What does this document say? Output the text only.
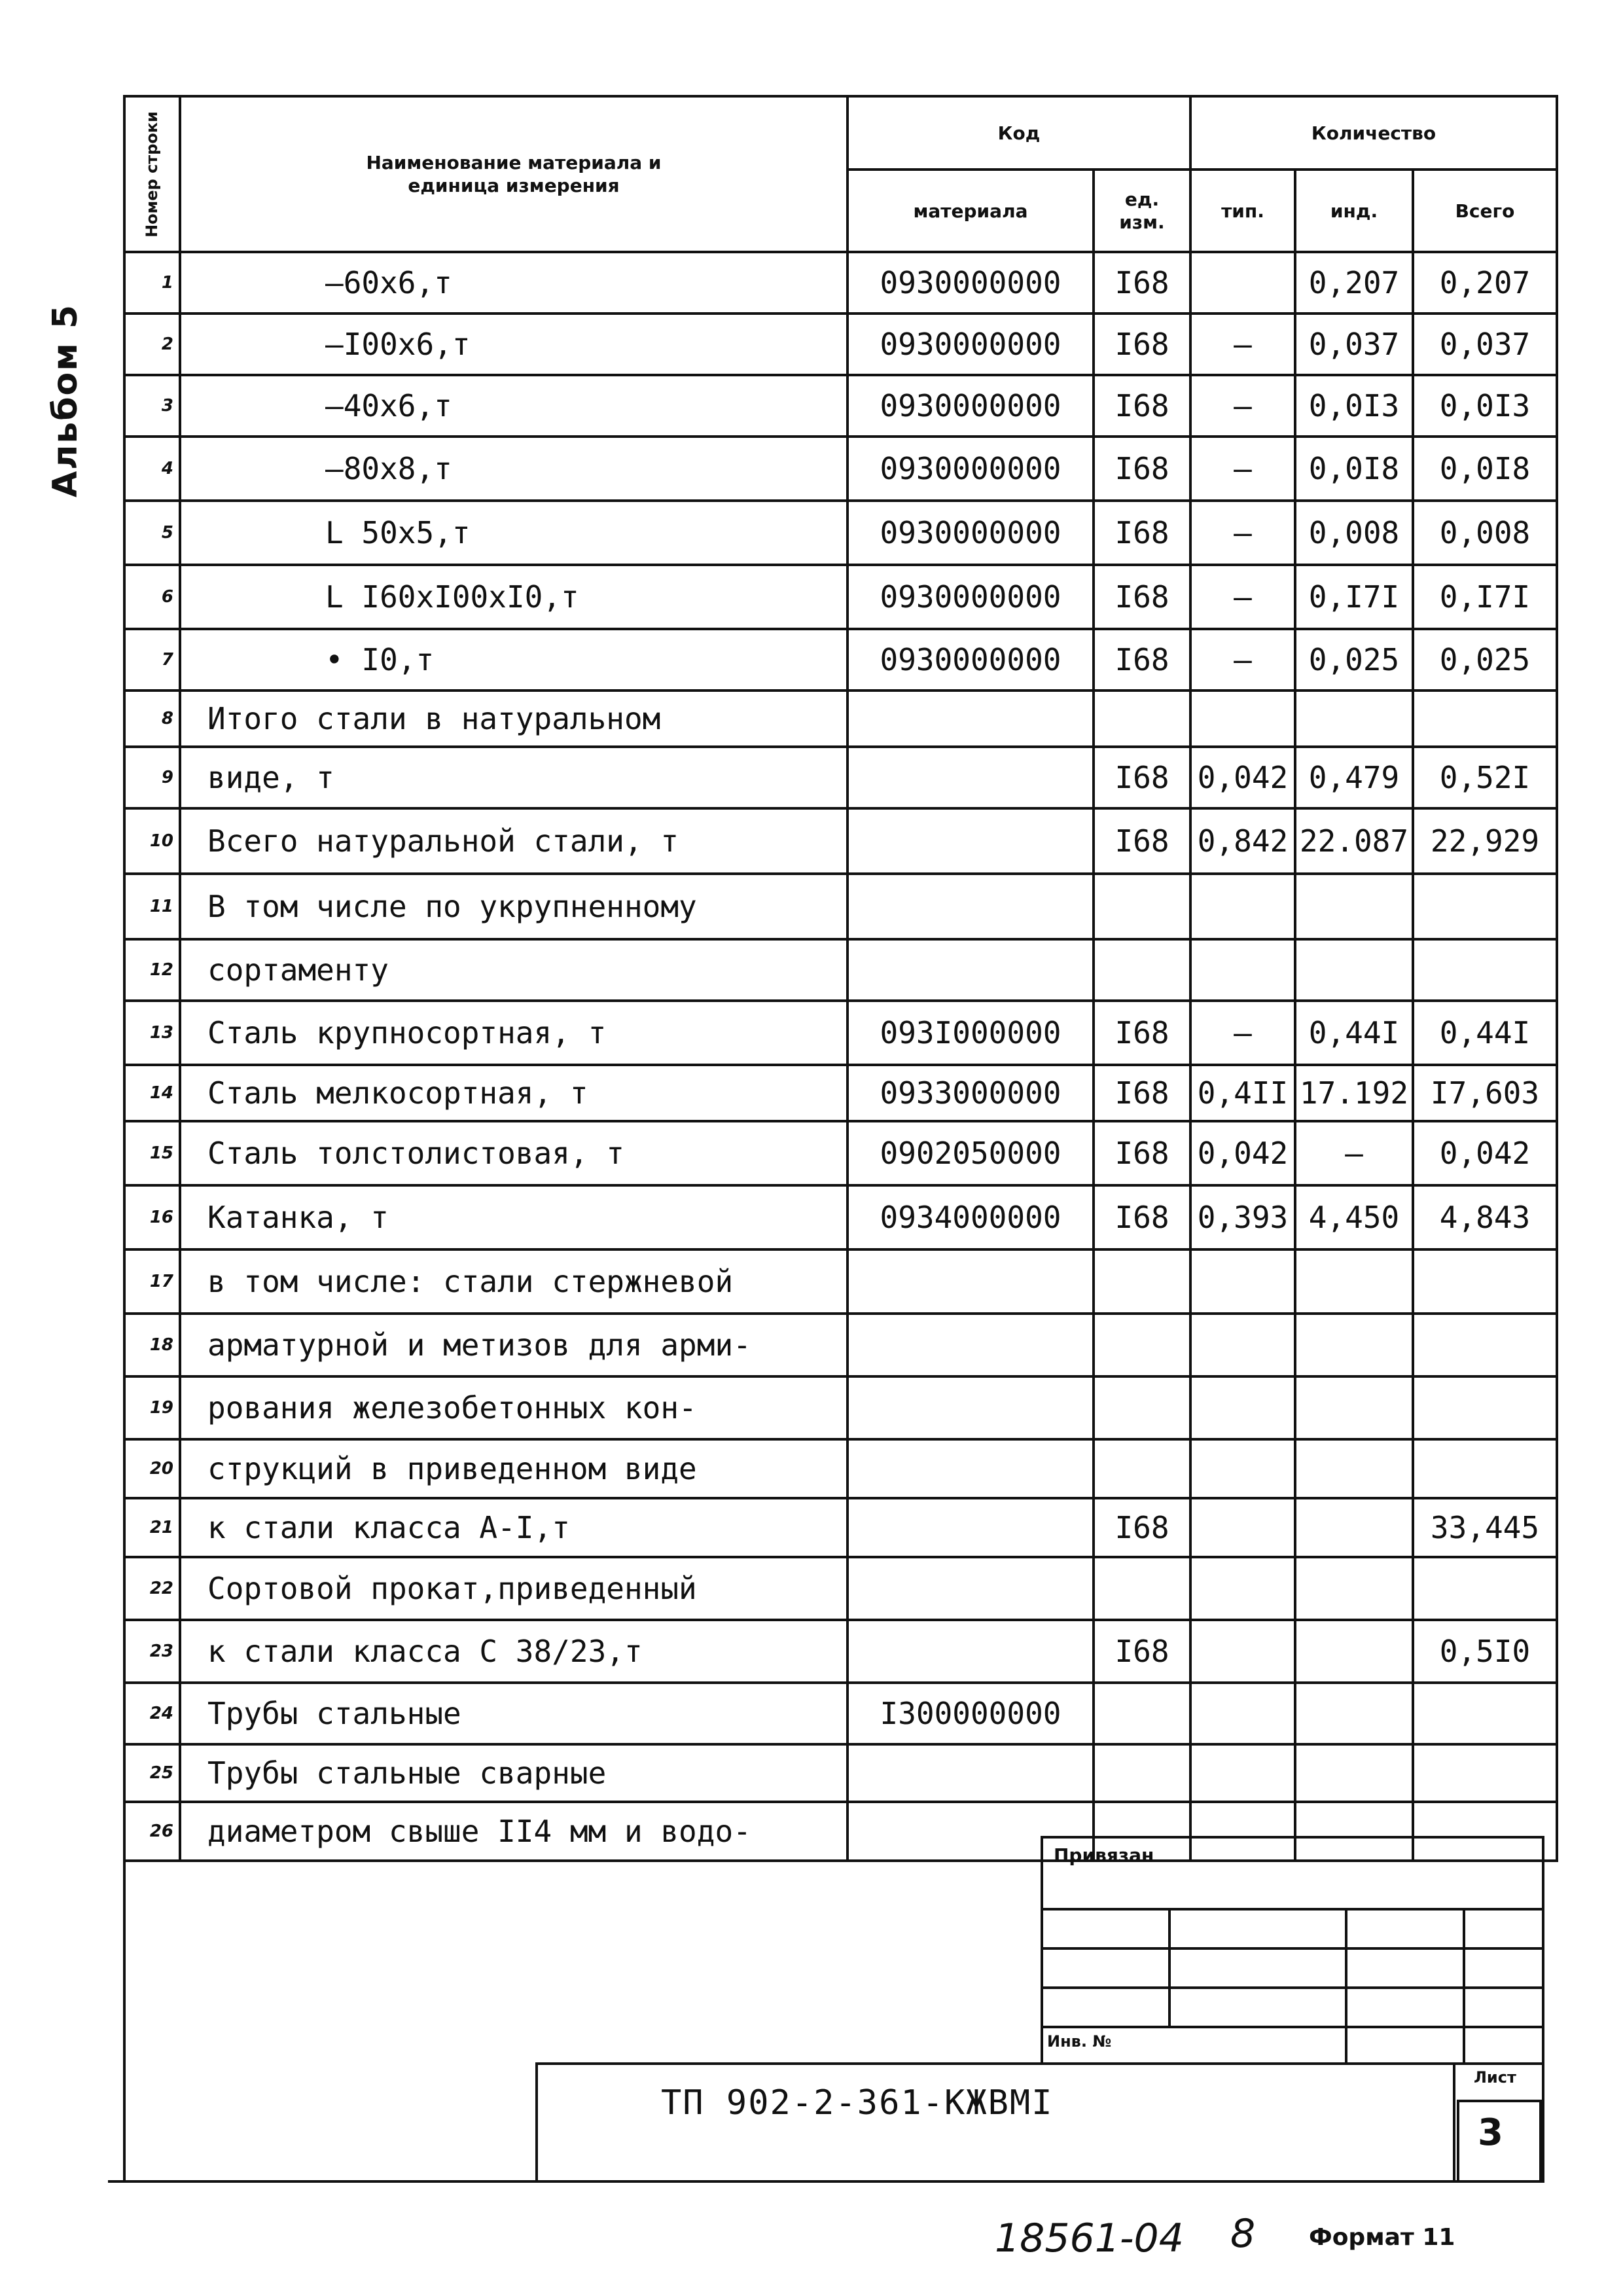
Альбом 5
Номер строки	Наименование материала и единица измерения	Код		Количество		
		материала	ед. изм.	тип.	инд.	Всего
1	–60x6,т	0930000000	I68		0,207	0,207
2	–I00x6,т	0930000000	I68	–	0,037	0,037
3	–40x6,т	0930000000	I68	–	0,0I3	0,0I3
4	–80x8,т	0930000000	I68	–	0,0I8	0,0I8
5	L 50x5,т	0930000000	I68	–	0,008	0,008
6	L I60xI00xI0,т	0930000000	I68	–	0,I7I	0,I7I
7	• I0,т	0930000000	I68	–	0,025	0,025
8	Итого стали в натуральном					
9	виде, т		I68	0,042	0,479	0,52I
10	Всего натуральной стали, т		I68	0,842	22.087	22,929
11	В том числе по укрупненному					
12	сортаменту					
13	Сталь крупносортная, т	093I000000	I68	–	0,44I	0,44I
14	Сталь мелкосортная, т	0933000000	I68	0,4II	17.192	I7,603
15	Сталь толстолистовая, т	0902050000	I68	0,042	–	0,042
16	Катанка, т	0934000000	I68	0,393	4,450	4,843
17	в том числе: стали стержневой					
18	арматурной и метизов для арми-					
19	рования железобетонных кон-					
20	струкций в приведенном виде					
21	к стали класса А-I,т		I68			33,445
22	Сортовой прокат,приведенный					
23	к стали класса С 38/23,т		I68			0,5I0
24	Трубы стальные	I300000000				
25	Трубы стальные сварные					
26	диаметром свыше II4 мм и водо-					
Привязан
Инв. №
ТП 902-2-361-КЖВМI
Лист
3
18561-04 8 Формат 11
